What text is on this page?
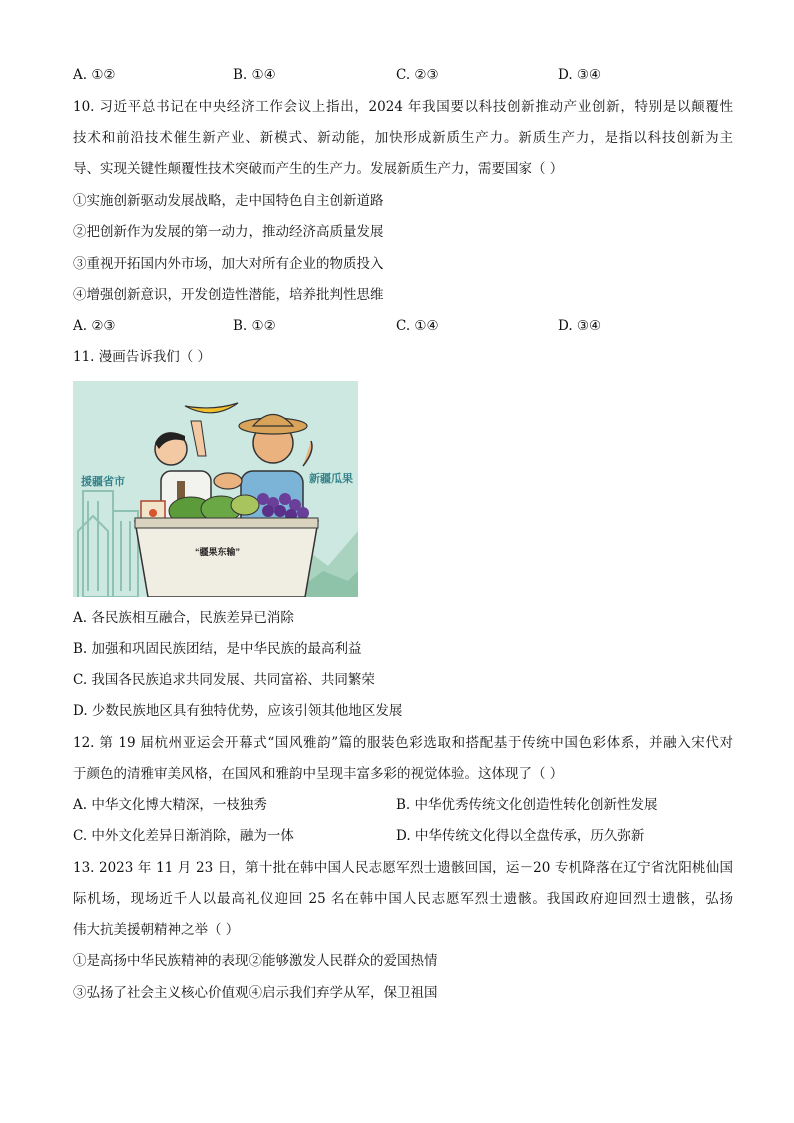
A. ①②	B. ①④	C. ②③	D. ③④
10. 习近平总书记在中央经济工作会议上指出，2024 年我国要以科技创新推动产业创新，特别是以颠覆性
技术和前沿技术催生新产业、新模式、新动能，加快形成新质生产力。新质生产力，是指以科技创新为主
导、实现关键性颠覆性技术突破而产生的生产力。发展新质生产力，需要国家（ ）
①实施创新驱动发展战略，走中国特色自主创新道路
②把创新作为发展的第一动力，推动经济高质量发展
③重视开拓国内外市场，加大对所有企业的物质投入
④增强创新意识，开发创造性潜能，培养批判性思维
A. ②③	B. ①②	C. ①④	D. ③④
11. 漫画告诉我们（ ）
援疆省市	新疆瓜果
“疆果东输”
A. 各民族相互融合，民族差异已消除
B. 加强和巩固民族团结，是中华民族的最高利益
C. 我国各民族追求共同发展、共同富裕、共同繁荣
D. 少数民族地区具有独特优势，应该引领其他地区发展
12. 第 19 届杭州亚运会开幕式“国风雅韵”篇的服装色彩选取和搭配基于传统中国色彩体系，并融入宋代对
于颜色的清雅审美风格，在国风和雅韵中呈现丰富多彩的视觉体验。这体现了（ ）
A. 中华文化博大精深，一枝独秀	B. 中华优秀传统文化创造性转化创新性发展
C. 中外文化差异日渐消除，融为一体	D. 中华传统文化得以全盘传承，历久弥新
13. 2023 年 11 月 23 日，第十批在韩中国人民志愿军烈士遗骸回国，运－20 专机降落在辽宁省沈阳桃仙国
际机场，现场近千人以最高礼仪迎回 25 名在韩中国人民志愿军烈士遗骸。我国政府迎回烈士遗骸，弘扬
伟大抗美援朝精神之举（ ）
①是高扬中华民族精神的表现②能够激发人民群众的爱国热情
③弘扬了社会主义核心价值观④启示我们弃学从军，保卫祖国
